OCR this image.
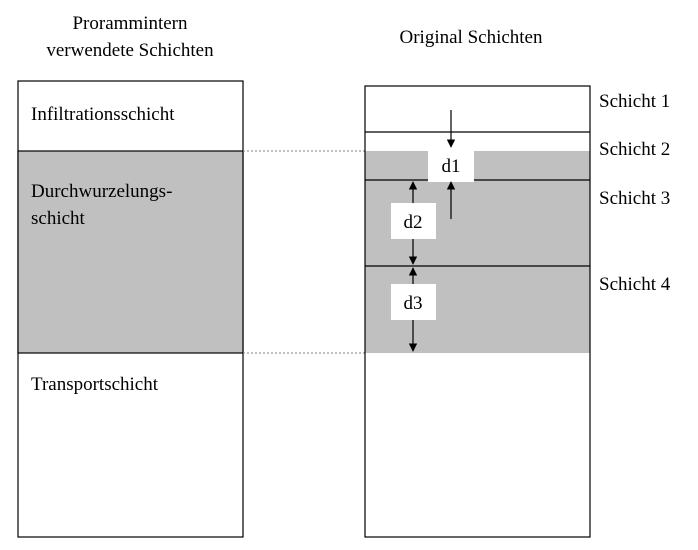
Prorammintern
verwendete Schichten
Original Schichten
Infiltrationsschicht
Durchwurzelungs-
schicht
Transportschicht
Schicht 1
Schicht 2
Schicht 3
Schicht 4
d1
d2
d3
